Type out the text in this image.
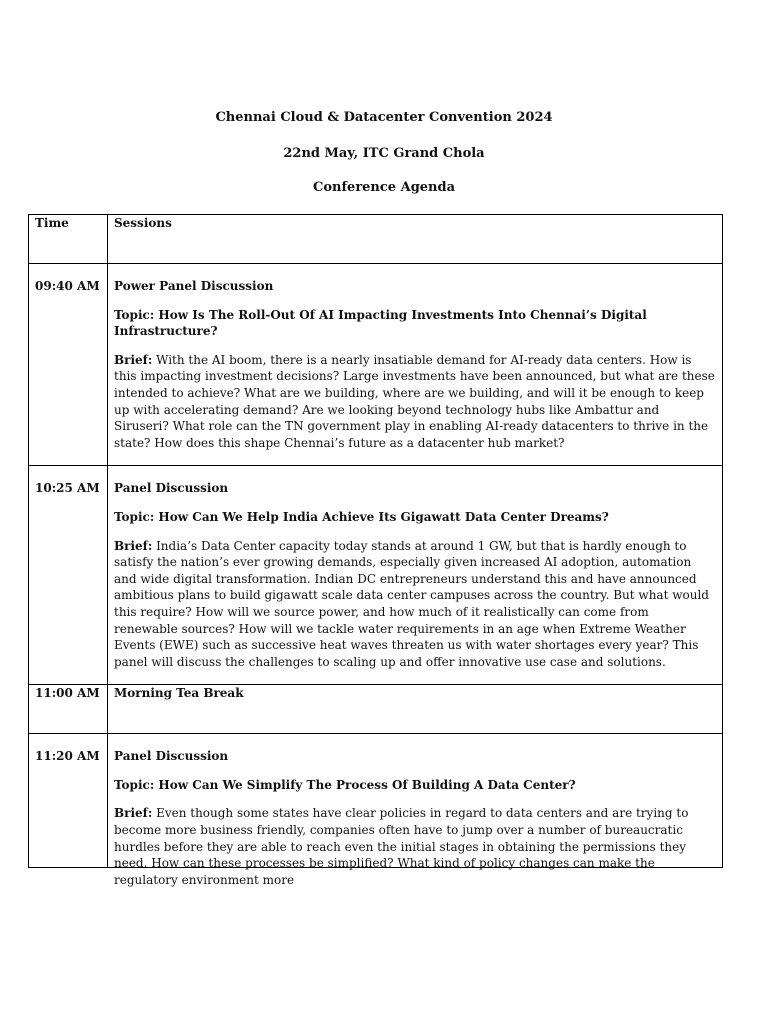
Chennai Cloud & Datacenter Convention 2024
22nd May, ITC Grand Chola
Conference Agenda
Time	Sessions

09:40 AM	Power Panel Discussion

Topic: How Is The Roll-Out Of AI Impacting Investments Into Chennai’s Digital Infrastructure?

Brief: With the AI boom, there is a nearly insatiable demand for AI-ready data centers. How is this impacting investment decisions? Large investments have been announced, but what are these intended to achieve? What are we building, where are we building, and will it be enough to keep up with accelerating demand? Are we looking beyond technology hubs like Ambattur and Siruseri? What role can the TN government play in enabling AI-ready datacenters to thrive in the state? How does this shape Chennai’s future as a datacenter hub market?

10:25 AM	Panel Discussion

Topic: How Can We Help India Achieve Its Gigawatt Data Center Dreams?

Brief: India’s Data Center capacity today stands at around 1 GW, but that is hardly enough to satisfy the nation’s ever growing demands, especially given increased AI adoption, automation and wide digital transformation. Indian DC entrepreneurs understand this and have announced ambitious plans to build gigawatt scale data center campuses across the country. But what would this require? How will we source power, and how much of it realistically can come from renewable sources? How will we tackle water requirements in an age when Extreme Weather Events (EWE) such as successive heat waves threaten us with water shortages every year? This panel will discuss the challenges to scaling up and offer innovative use case and solutions.

11:00 AM	Morning Tea Break

11:20 AM	Panel Discussion

Topic: How Can We Simplify The Process Of Building A Data Center?

Brief: Even though some states have clear policies in regard to data centers and are trying to become more business friendly, companies often have to jump over a number of bureaucratic hurdles before they are able to reach even the initial stages in obtaining the permissions they need. How can these processes be simplified? What kind of policy changes can make the regulatory environment more
